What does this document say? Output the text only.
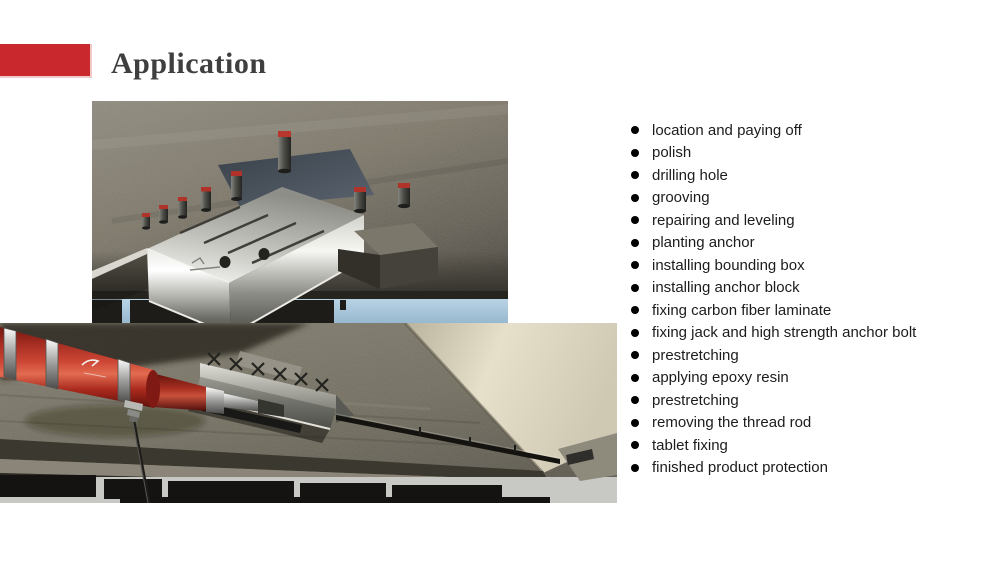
Application
location and paying off
polish
drilling hole
grooving
repairing and leveling
planting anchor
installing bounding box
installing anchor block
fixing carbon fiber laminate
fixing jack and high strength anchor bolt
prestretching
applying epoxy resin
prestretching
removing the thread rod
tablet fixing
finished product protection
